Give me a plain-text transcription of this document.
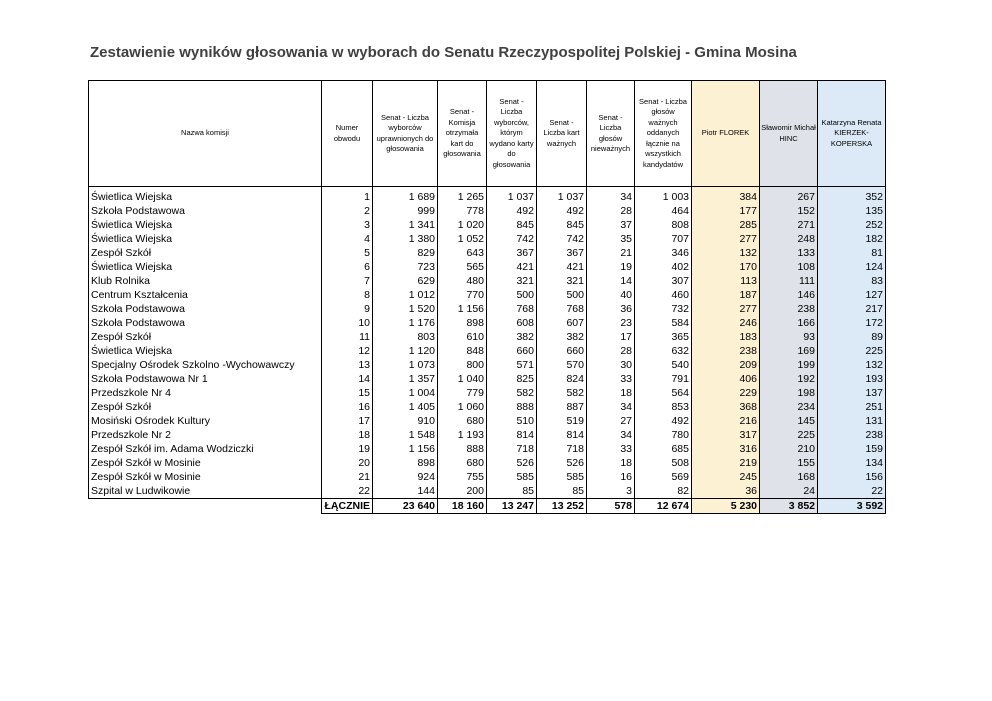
Zestawienie wyników głosowania w wyborach do Senatu Rzeczypospolitej Polskiej - Gmina Mosina
Nazwa komisji	Numer obwodu	Senat - Liczba wyborców uprawnionych do głosowania	Senat - Komisja otrzymała kart do głosowania	Senat - Liczba wyborców, którym wydano karty do głosowania	Senat - Liczba kart ważnych	Senat - Liczba głosów nieważnych	Senat - Liczba głosów ważnych oddanych łącznie na wszystkich kandydatów	Piotr FLOREK	Sławomir Michał HINC	Katarzyna Renata KIERZEK-KOPERSKA

Świetlica Wiejska	1	1 689	1 265	1 037	1 037	34	1 003	384	267	352
Szkoła Podstawowa	2	999	778	492	492	28	464	177	152	135
Świetlica Wiejska	3	1 341	1 020	845	845	37	808	285	271	252
Świetlica Wiejska	4	1 380	1 052	742	742	35	707	277	248	182
Zespół Szkół	5	829	643	367	367	21	346	132	133	81
Świetlica Wiejska	6	723	565	421	421	19	402	170	108	124
Klub Rolnika	7	629	480	321	321	14	307	113	111	83
Centrum Kształcenia	8	1 012	770	500	500	40	460	187	146	127
Szkoła Podstawowa	9	1 520	1 156	768	768	36	732	277	238	217
Szkoła Podstawowa	10	1 176	898	608	607	23	584	246	166	172
Zespół Szkół	11	803	610	382	382	17	365	183	93	89
Świetlica Wiejska	12	1 120	848	660	660	28	632	238	169	225
Specjalny Ośrodek Szkolno -Wychowawczy	13	1 073	800	571	570	30	540	209	199	132
Szkoła Podstawowa Nr 1	14	1 357	1 040	825	824	33	791	406	192	193
Przedszkole Nr 4	15	1 004	779	582	582	18	564	229	198	137
Zespół Szkół	16	1 405	1 060	888	887	34	853	368	234	251
Mosiński Ośrodek Kultury	17	910	680	510	519	27	492	216	145	131
Przedszkole Nr 2	18	1 548	1 193	814	814	34	780	317	225	238
Zespół Szkół im. Adama Wodziczki	19	1 156	888	718	718	33	685	316	210	159
Zespół Szkół w Mosinie	20	898	680	526	526	18	508	219	155	134
Zespół Szkół w Mosinie	21	924	755	585	585	16	569	245	168	156
Szpital w Ludwikowie	22	144	200	85	85	3	82	36	24	22
	ŁĄCZNIE	23 640	18 160	13 247	13 252	578	12 674	5 230	3 852	3 592
